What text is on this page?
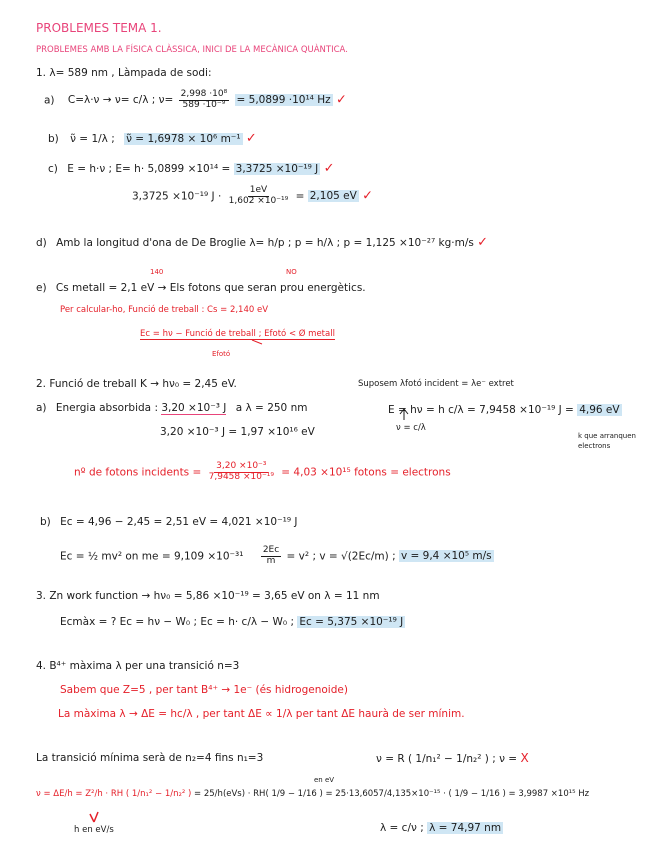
PROBLEMES TEMA 1.
PROBLEMES AMB LA FÍSICA CLÀSSICA, INICI DE LA MECÀNICA QUÀNTICA.
1. λ= 589 nm , Làmpada de sodi:
a) C=λ·ν → ν= c/λ ; $\nu= \frac{\text{2,998 ·10⁸}}{\text{589 ·10⁻⁹}} = 5,0899 \cdot 10^{14}$ Hz ✓
b) ν̃ = 1/λ ; ν̃ = 1,6978 × 10⁶ m⁻¹ ✓
c) E = h·ν ; E= h· 5,0899 ×10¹⁴ = 3,3725 ×10⁻¹⁹ J ✓
3,3725 ×10⁻¹⁹ $J \cdot \frac{1eV}{\text{1,602 ×10⁻¹⁹}} = 2,105$ eV ✓
d) Amb la longitud d'ona de De Broglie λ= h/p ; p = h/λ ; p = 1,125 ×10⁻²⁷ kg·m/s ✓
140	NO
e) Cs metall = 2,1 eV → Els fotons que seran prou energètics.
Per calcular-ho, Funció de treball : Cs = 2,140 eV
Ec = hν − Funció de treball ; Efotó < Ø metall
Efotó
2. Funció de treball K → hν₀ = 2,45 eV.	Suposem λfotó incident = λe⁻ extret
a) Energia absorbida : 3,20 ×10⁻³ J a λ = 250 nm	E = hν = h c/λ = 7,9458 ×10⁻¹⁹ J = 4,96 eV
3,20 ×10⁻³ J = 1,97 ×10¹⁶ eV	ν = c/λ
k que arranquen
electrons
nº de fotons incidents = $\frac{\text{3,20 ×10⁻³}}{\text{7,9458 ×10⁻¹⁹}} = 4,03 \times 10^{15}$ fotons = electrons
b) Ec = 4,96 − 2,45 = 2,51 eV = 4,021 ×10⁻¹⁹ J
Ec = ½ mv² on me = $9,109 \times 10^{-31} \frac{2Ec}{m} = v^2$ ; v = √(2Ec/m) ; v = 9,4 ×10⁵ m/s
3. Zn work function → hν₀ = 5,86 ×10⁻¹⁹ = 3,65 eV on λ = 11 nm
Ecmàx = ? Ec = hν − W₀ ; Ec = h· c/λ − W₀ ; Ec = 5,375 ×10⁻¹⁹ J
4. B⁴⁺ màxima λ per una transició n=3
Sabem que Z=5 , per tant B⁴⁺ → 1e⁻ (és hidrogenoide)
La màxima λ → ΔE = hc/λ , per tant ΔE ∝ 1/λ per tant ΔE haurà de ser mínim.
La transició mínima serà de n₂=4 fins n₁=3	ν = R ( 1/n₁² − 1/n₂² ) ; ν = X
en eV
ν = ΔE/h = Z²/h · RH ( 1/n₁² − 1/n₂² ) = 25/h(eVs) · RH( 1/9 − 1/16 ) = 25·13,6057/4,135×10⁻¹⁵ · ( 1/9 − 1/16 ) = 3,9987 ×10¹⁵ Hz
h en eV/s	λ = c/ν ; λ = 74,97 nm
